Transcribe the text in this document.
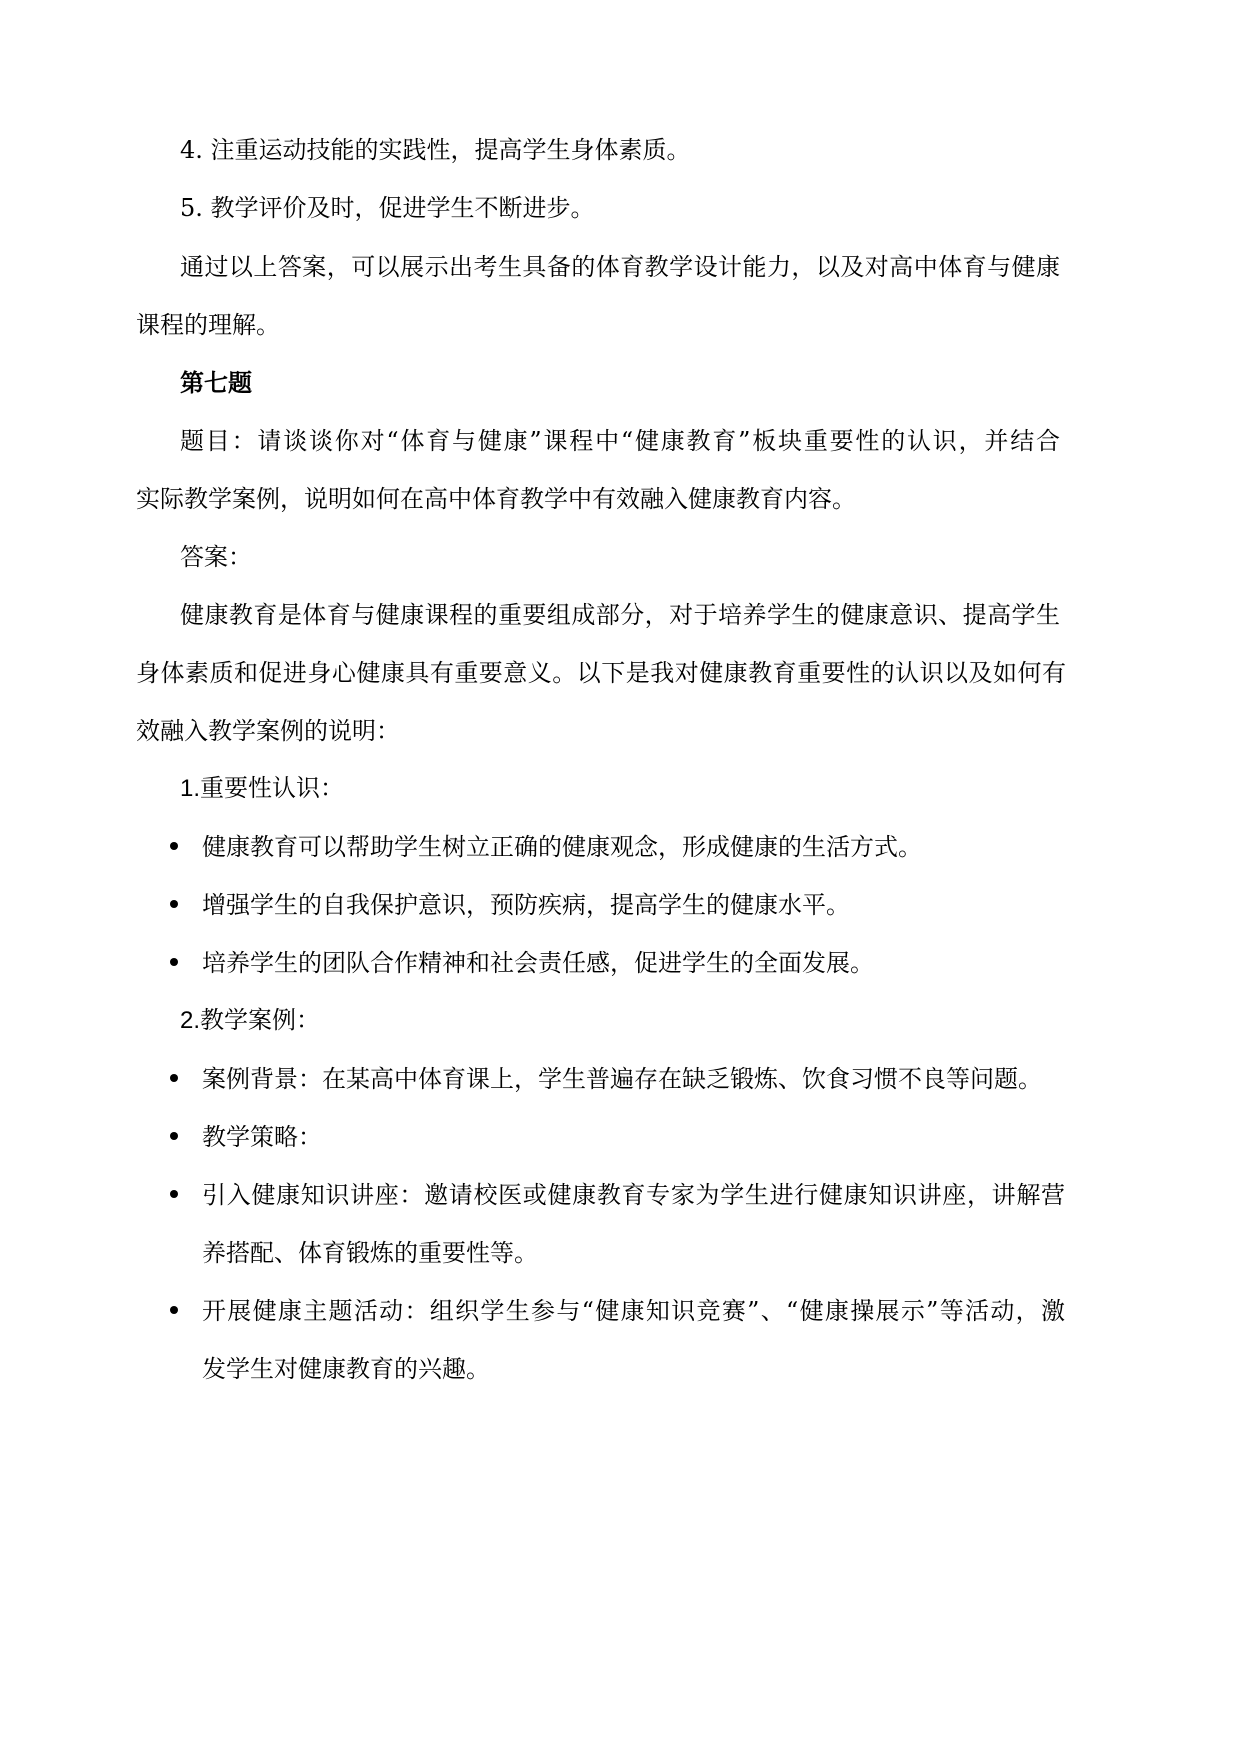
4. 注重运动技能的实践性，提高学生身体素质。
5. 教学评价及时，促进学生不断进步。
通过以上答案，可以展示出考生具备的体育教学设计能力，以及对高中体育与健康
课程的理解。
第七题
题目：请谈谈你对“体育与健康”课程中“健康教育”板块重要性的认识，并结合
实际教学案例，说明如何在高中体育教学中有效融入健康教育内容。
答案：
健康教育是体育与健康课程的重要组成部分，对于培养学生的健康意识、提高学生
身体素质和促进身心健康具有重要意义。以下是我对健康教育重要性的认识以及如何有
效融入教学案例的说明：
1.重要性认识：
健康教育可以帮助学生树立正确的健康观念，形成健康的生活方式。
增强学生的自我保护意识，预防疾病，提高学生的健康水平。
培养学生的团队合作精神和社会责任感，促进学生的全面发展。
2.教学案例：
案例背景：在某高中体育课上，学生普遍存在缺乏锻炼、饮食习惯不良等问题。
教学策略：
引入健康知识讲座：邀请校医或健康教育专家为学生进行健康知识讲座，讲解营
养搭配、体育锻炼的重要性等。
开展健康主题活动：组织学生参与“健康知识竞赛”、“健康操展示”等活动，激
发学生对健康教育的兴趣。
